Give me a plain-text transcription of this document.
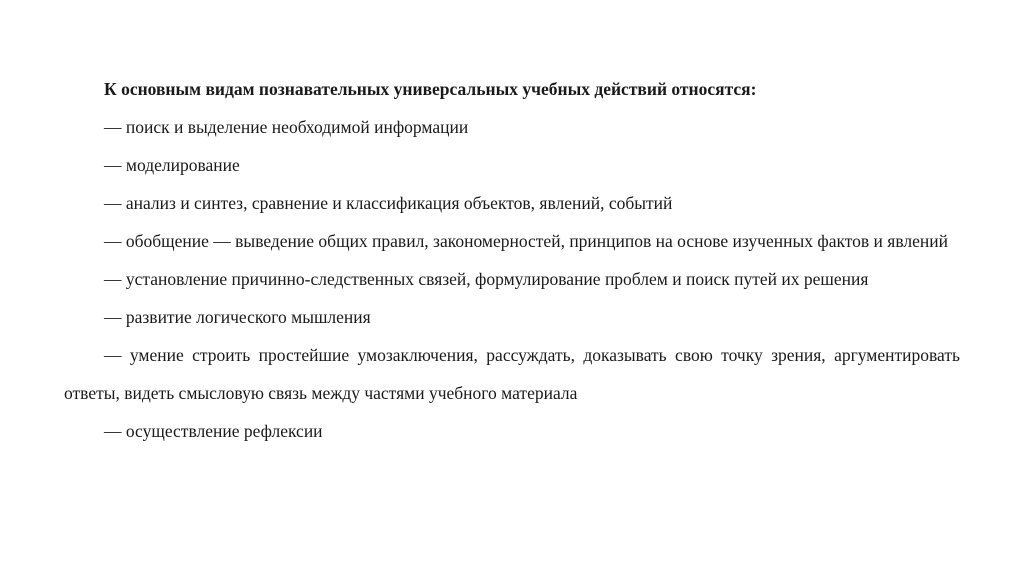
К основным видам познавательных универсальных учебных действий относятся:

— поиск и выделение необходимой информации

— моделирование

— анализ и синтез, сравнение и классификация объектов, явлений, событий

— обобщение — выведение общих правил, закономерностей, принципов на основе изученных фактов и явлений

— установление причинно-следственных связей, формулирование проблем и поиск путей их решения

— развитие логического мышления

— умение строить простейшие умозаключения, рассуждать, доказывать свою точку зрения, аргументировать ответы, видеть смысловую связь между частями учебного материала

— осуществление рефлексии
